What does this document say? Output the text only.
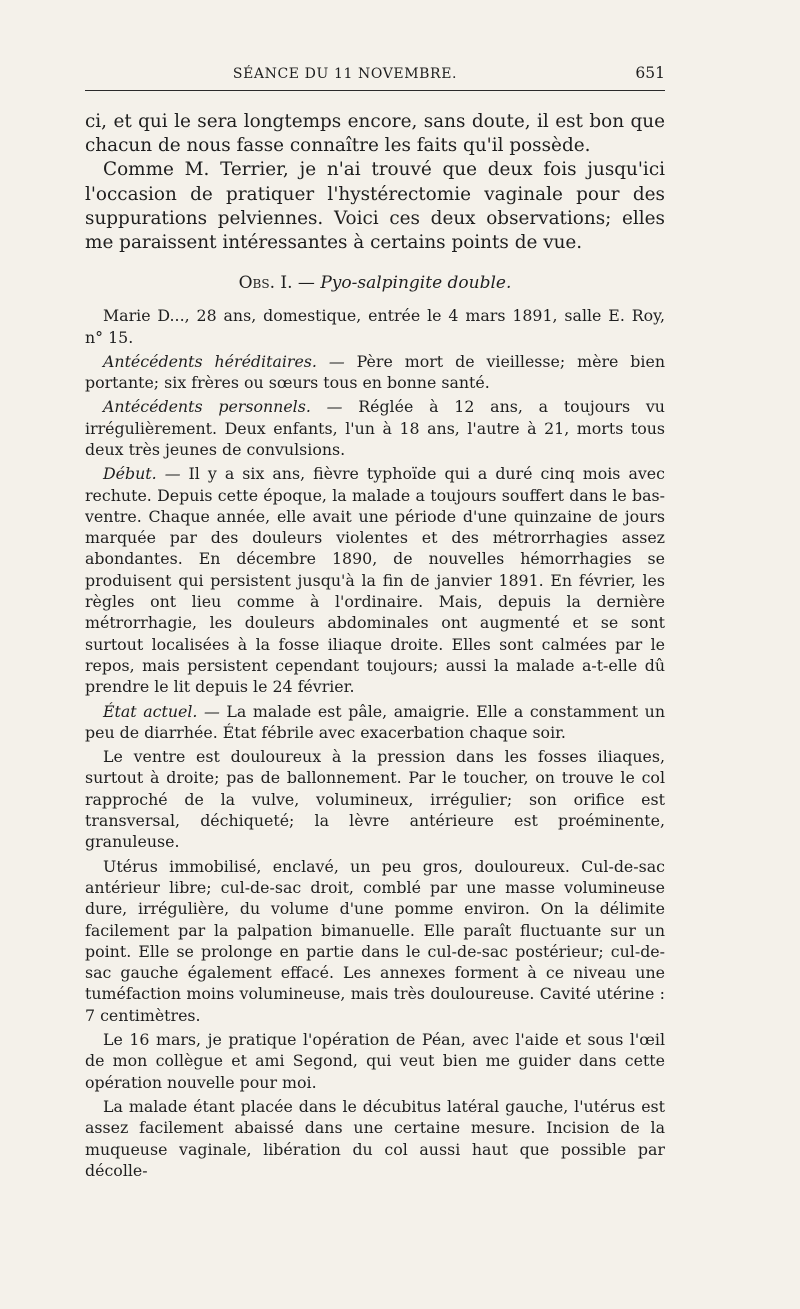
SÉANCE DU 11 NOVEMBRE.	651

ci, et qui le sera longtemps encore, sans doute, il est bon que chacun de nous fasse connaître les faits qu'il possède.

Comme M. Terrier, je n'ai trouvé que deux fois jusqu'ici l'occasion de pratiquer l'hystérectomie vaginale pour des suppurations pelviennes. Voici ces deux observations; elles me paraissent intéressantes à certains points de vue.

Obs. I. — Pyo-salpingite double.

Marie D..., 28 ans, domestique, entrée le 4 mars 1891, salle E. Roy, n° 15.

Antécédents héréditaires. — Père mort de vieillesse; mère bien portante; six frères ou sœurs tous en bonne santé.

Antécédents personnels. — Réglée à 12 ans, a toujours vu irrégulièrement. Deux enfants, l'un à 18 ans, l'autre à 21, morts tous deux très jeunes de convulsions.

Début. — Il y a six ans, fièvre typhoïde qui a duré cinq mois avec rechute. Depuis cette époque, la malade a toujours souffert dans le bas-ventre. Chaque année, elle avait une période d'une quinzaine de jours marquée par des douleurs violentes et des métrorrhagies assez abondantes. En décembre 1890, de nouvelles hémorrhagies se produisent qui persistent jusqu'à la fin de janvier 1891. En février, les règles ont lieu comme à l'ordinaire. Mais, depuis la dernière métrorrhagie, les douleurs abdominales ont augmenté et se sont surtout localisées à la fosse iliaque droite. Elles sont calmées par le repos, mais persistent cependant toujours; aussi la malade a-t-elle dû prendre le lit depuis le 24 février.

État actuel. — La malade est pâle, amaigrie. Elle a constamment un peu de diarrhée. État fébrile avec exacerbation chaque soir.

Le ventre est douloureux à la pression dans les fosses iliaques, surtout à droite; pas de ballonnement. Par le toucher, on trouve le col rapproché de la vulve, volumineux, irrégulier; son orifice est transversal, déchiqueté; la lèvre antérieure est proéminente, granuleuse.

Utérus immobilisé, enclavé, un peu gros, douloureux. Cul-de-sac antérieur libre; cul-de-sac droit, comblé par une masse volumineuse dure, irrégulière, du volume d'une pomme environ. On la délimite facilement par la palpation bimanuelle. Elle paraît fluctuante sur un point. Elle se prolonge en partie dans le cul-de-sac postérieur; cul-de-sac gauche également effacé. Les annexes forment à ce niveau une tuméfaction moins volumineuse, mais très douloureuse. Cavité utérine : 7 centimètres.

Le 16 mars, je pratique l'opération de Péan, avec l'aide et sous l'œil de mon collègue et ami Segond, qui veut bien me guider dans cette opération nouvelle pour moi.

La malade étant placée dans le décubitus latéral gauche, l'utérus est assez facilement abaissé dans une certaine mesure. Incision de la muqueuse vaginale, libération du col aussi haut que possible par décolle-
